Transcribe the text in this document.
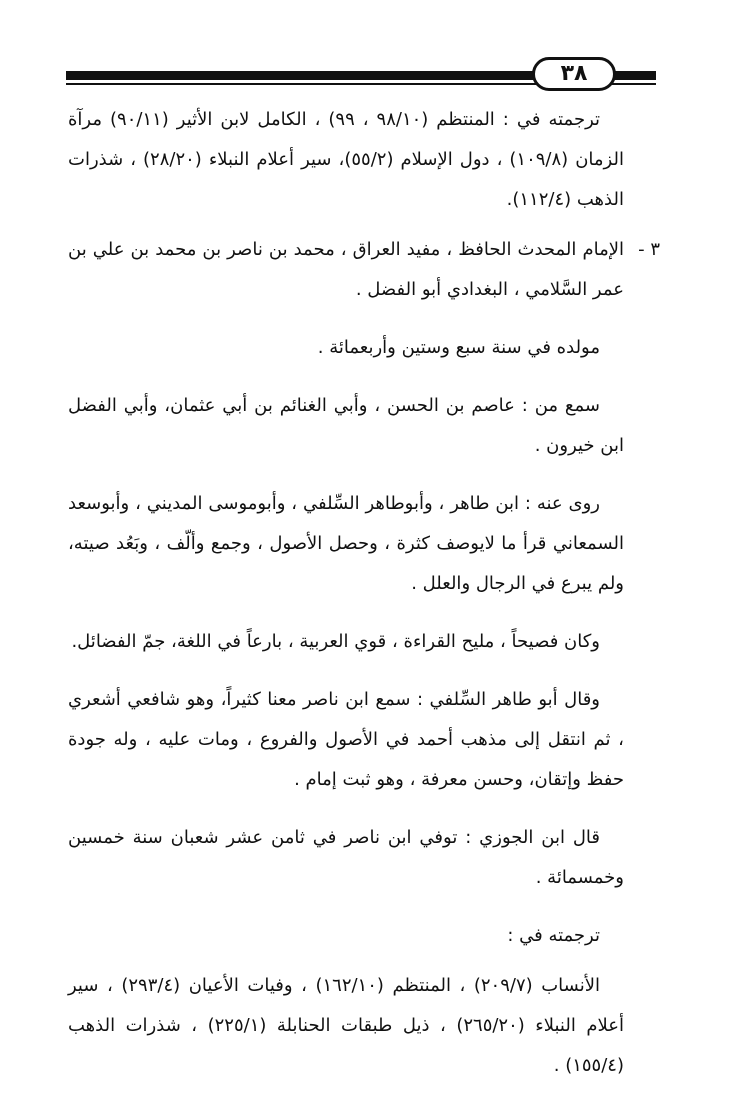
٣٨

ترجمته في : المنتظم (٩٨/١٠ ، ٩٩) ، الكامل لابن الأثير (٩٠/١١) مرآة الزمان (١٠٩/٨) ، دول الإسلام (٥٥/٢)، سير أعلام النبلاء (٢٨/٢٠) ، شذرات الذهب (١١٢/٤).

٣ -

الإمام المحدث الحافظ ، مفيد العراق ، محمد بن ناصر بن محمد بن علي بن عمر السَّلامي ، البغدادي أبو الفضل .

مولده في سنة سبع وستين وأربعمائة .

سمع من : عاصم بن الحسن ، وأبي الغنائم بن أبي عثمان، وأبي الفضل ابن خيرون .

روى عنه : ابن طاهر ، وأبوطاهر السِّلفي ، وأبوموسى المديني ، وأبوسعد السمعاني قرأ ما لايوصف كثرة ، وحصل الأصول ، وجمع وألّف ، وبَعُد صيته، ولم يبرع في الرجال والعلل .

وكان فصيحاً ، مليح القراءة ، قوي العربية ، بارعاً في اللغة، جمّ الفضائل.

وقال أبو طاهر السِّلفي : سمع ابن ناصر معنا كثيراً، وهو شافعي أشعري ، ثم انتقل إلى مذهب أحمد في الأصول والفروع ، ومات عليه ، وله جودة حفظ وإتقان، وحسن معرفة ، وهو ثبت إمام .

قال ابن الجوزي : توفي ابن ناصر في ثامن عشر شعبان سنة خمسين وخمسمائة .

ترجمته في :

الأنساب (٢٠٩/٧) ، المنتظم (١٦٢/١٠) ، وفيات الأعيان (٢٩٣/٤) ، سير أعلام النبلاء (٢٦٥/٢٠) ، ذيل طبقات الحنابلة (٢٢٥/١) ، شذرات الذهب (١٥٥/٤) .
